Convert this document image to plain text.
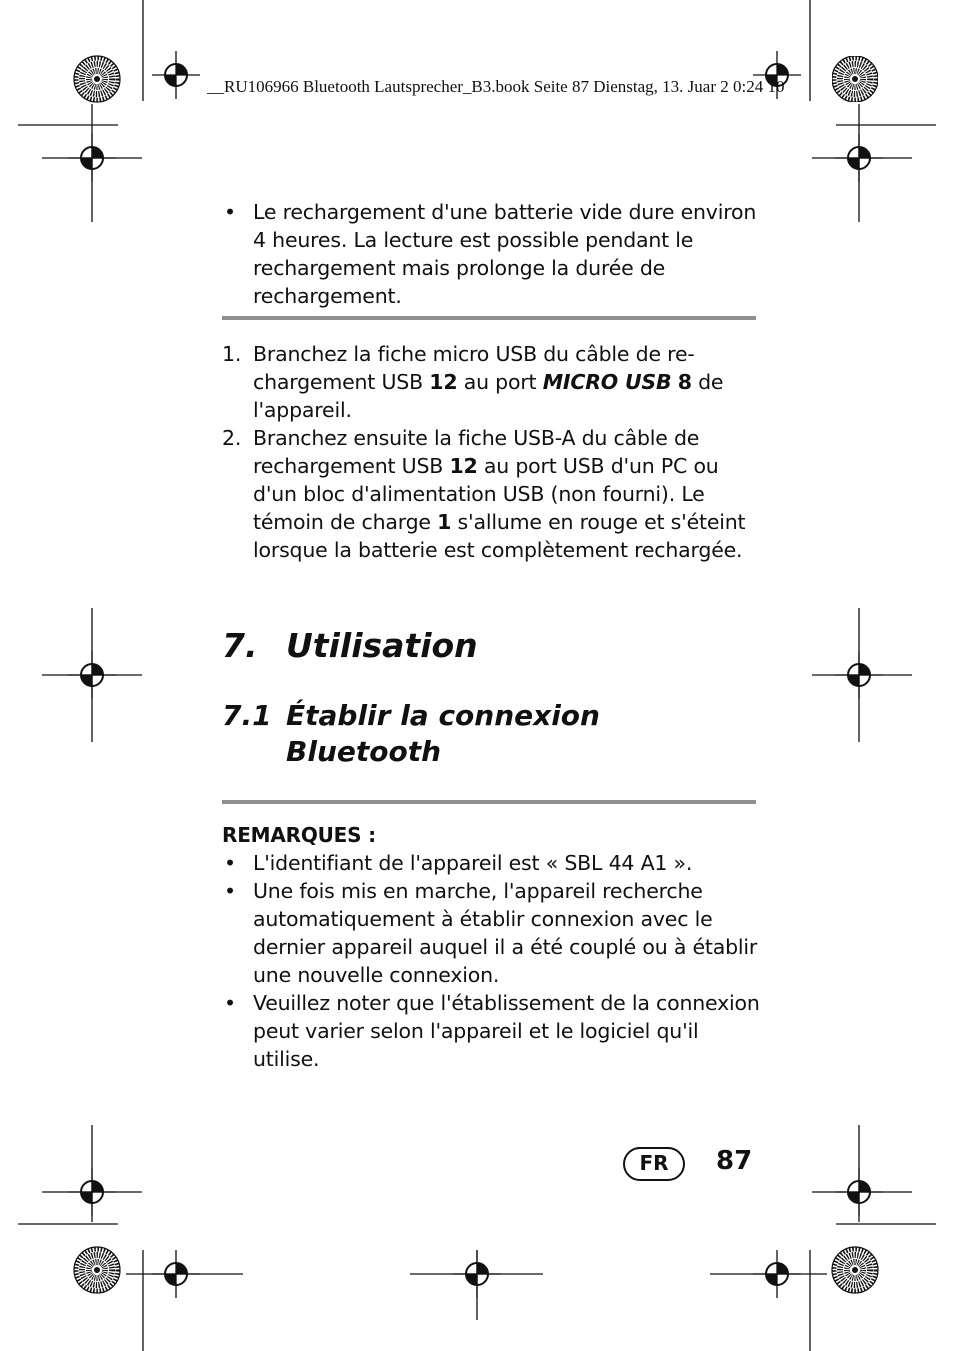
__RU106966 Bluetooth Lautsprecher_B3.book Seite 87 Dienstag, 13. Juar 2 0:24 10
• Le rechargement d'une batterie vide dure environ 4 heures. La lecture est possible pendant le rechargement mais prolonge la durée de rechargement.
1. Branchez la fiche micro USB du câble de rechargement USB 12 au port MICRO USB 8 de l'appareil.
2. Branchez ensuite la fiche USB-A du câble de rechargement USB 12 au port USB d'un PC ou d'un bloc d'alimentation USB (non fourni). Le témoin de charge 1 s'allume en rouge et s'éteint lorsque la batterie est complètement rechargée.
7. Utilisation
7.1 Établir la connexion
Bluetooth
REMARQUES :
• L'identifiant de l'appareil est « SBL 44 A1 ».
• Une fois mis en marche, l'appareil recherche automatiquement à établir connexion avec le dernier appareil auquel il a été couplé ou à établir une nouvelle connexion.
• Veuillez noter que l'établissement de la connexion peut varier selon l'appareil et le logiciel qu'il utilise.
FR	87
